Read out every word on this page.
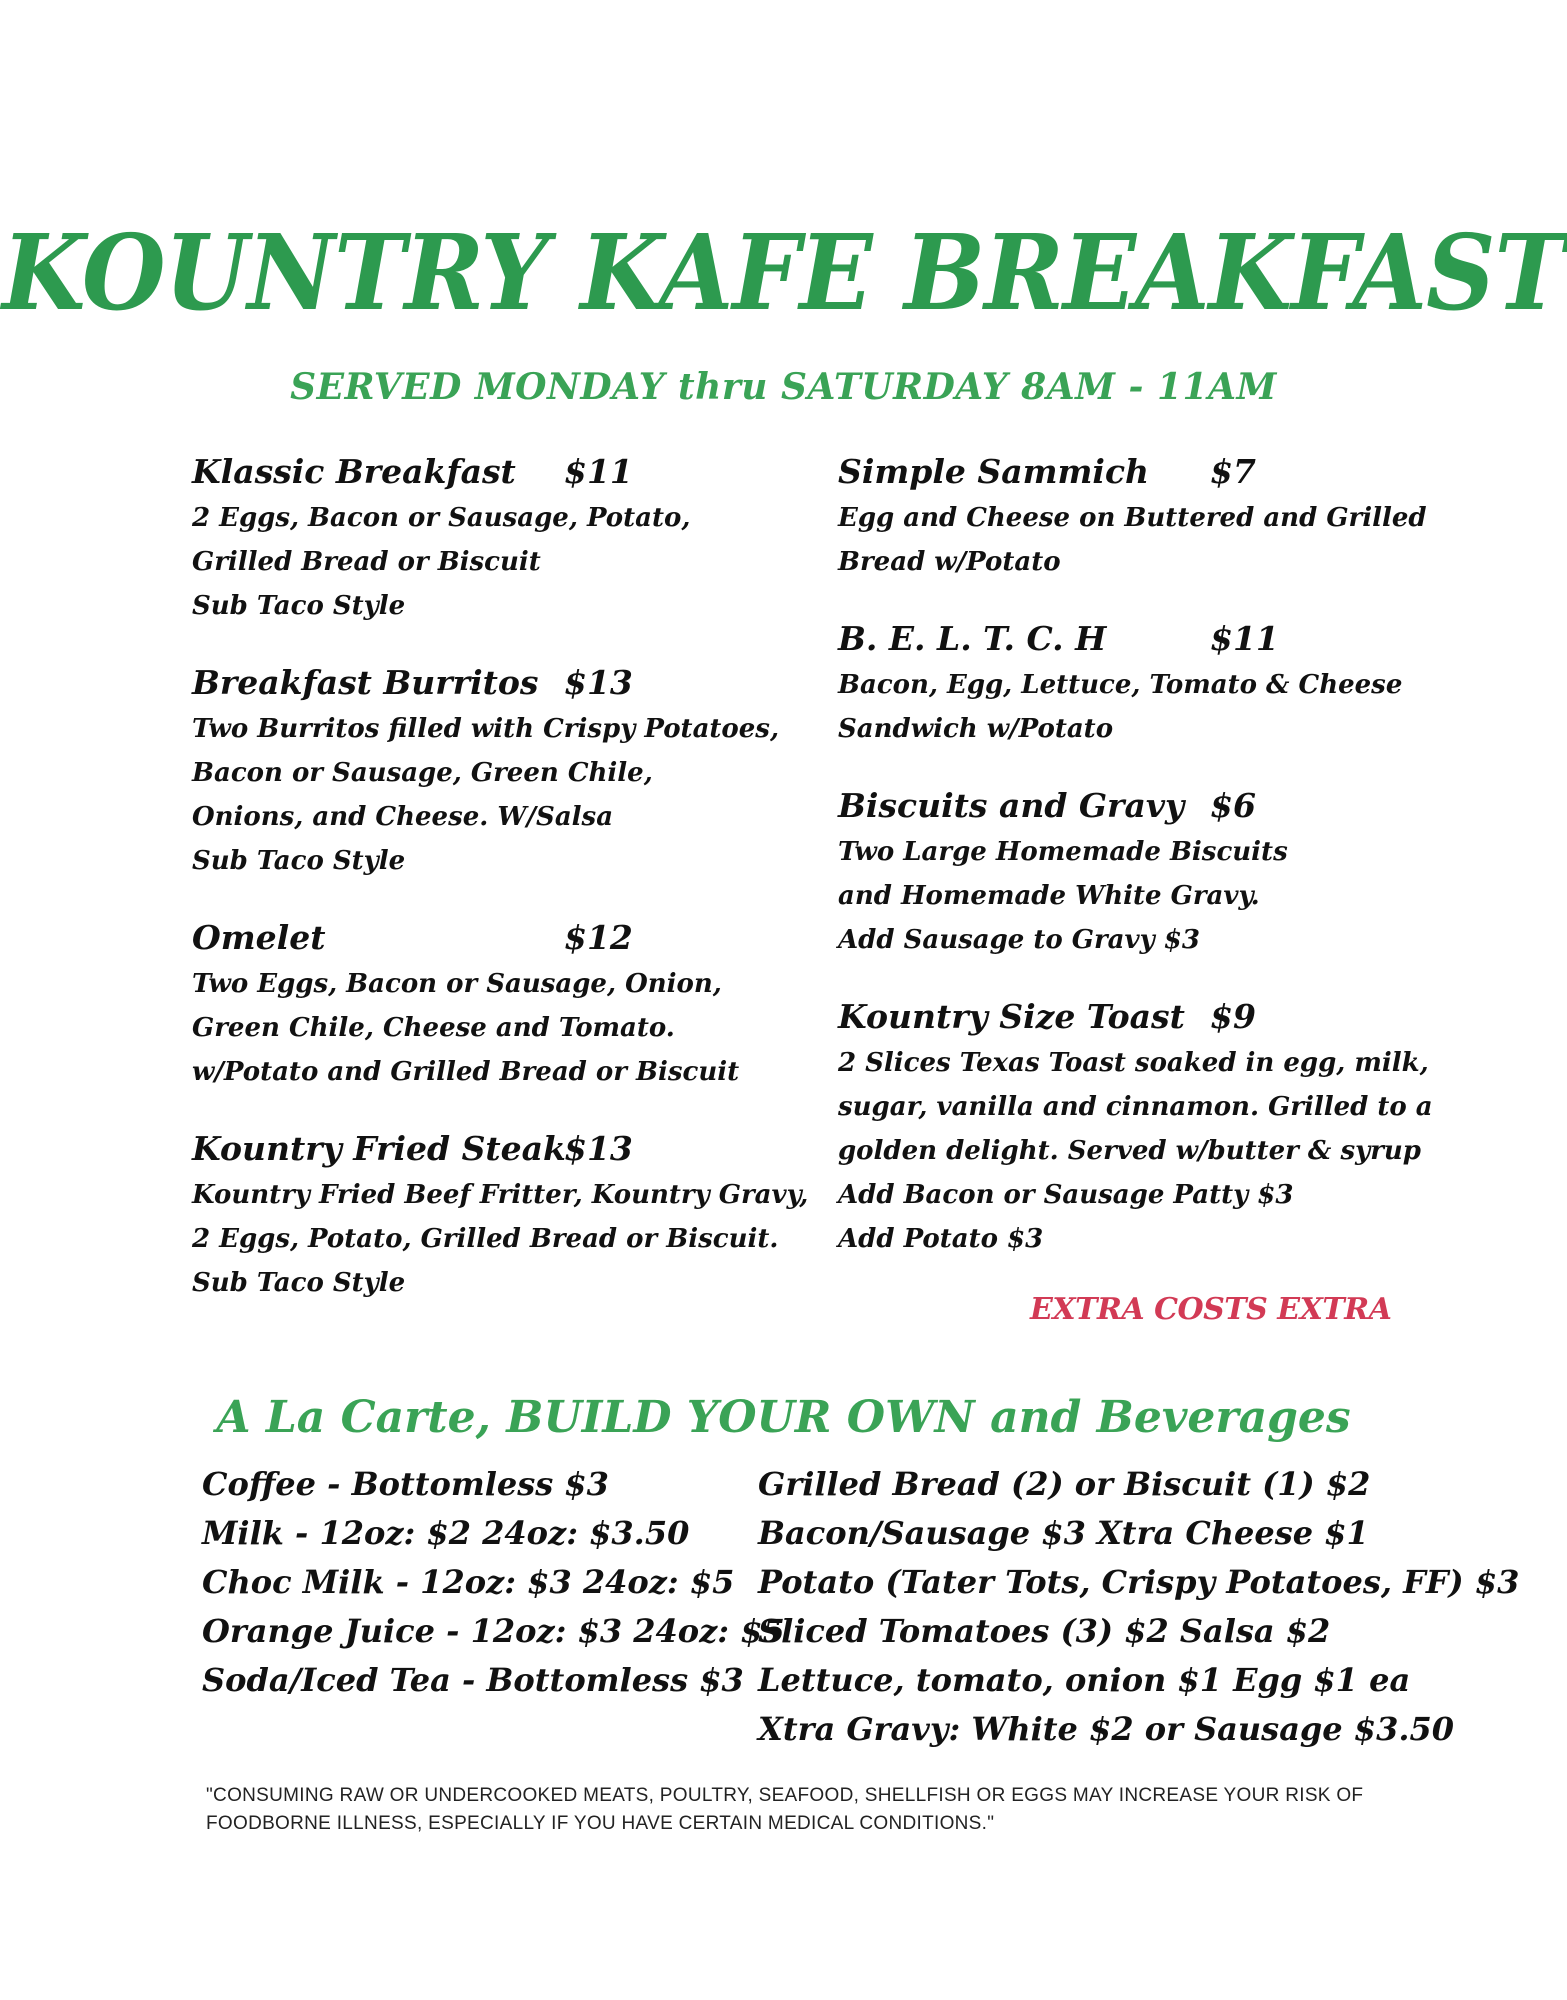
KOUNTRY KAFE BREAKFAST
SERVED MONDAY thru SATURDAY 8AM - 11AM
Klassic Breakfast $11
2 Eggs, Bacon or Sausage, Potato,
Grilled Bread or Biscuit
Sub Taco Style
Breakfast Burritos $13
Two Burritos filled with Crispy Potatoes,
Bacon or Sausage, Green Chile,
Onions, and Cheese. W/Salsa
Sub Taco Style
Omelet	$12
Two Eggs, Bacon or Sausage, Onion,
Green Chile, Cheese and Tomato.
w/Potato and Grilled Bread or Biscuit
Kountry Fried Steak
$13
Kountry Fried Beef Fritter, Kountry Gravy,
2 Eggs, Potato, Grilled Bread or Biscuit.
Sub Taco Style
Simple Sammich $7
Egg and Cheese on Buttered and Grilled
Bread w/Potato
B. E. L. T. C. H	$11
Bacon, Egg, Lettuce, Tomato & Cheese
Sandwich w/Potato
Biscuits and Gravy $6
Two Large Homemade Biscuits
and Homemade White Gravy.
Add Sausage to Gravy $3
Kountry Size Toast $9
2 Slices Texas Toast soaked in egg, milk,
sugar, vanilla and cinnamon. Grilled to a
golden delight. Served w/butter & syrup
Add Bacon or Sausage Patty $3
Add Potato $3
EXTRA COSTS EXTRA
A La Carte, BUILD YOUR OWN and Beverages
Coffee - Bottomless $3
Milk - 12oz: $2 24oz: $3.50
Choc Milk - 12oz: $3 24oz: $5
Orange Juice - 12oz: $3 24oz: $5
Soda/Iced Tea - Bottomless $3
Grilled Bread (2) or Biscuit (1) $2
Bacon/Sausage $3 Xtra Cheese $1
Potato (Tater Tots, Crispy Potatoes, FF) $3
Sliced Tomatoes (3) $2 Salsa $2
Lettuce, tomato, onion $1 Egg $1 ea
Xtra Gravy: White $2 or Sausage $3.50
"CONSUMING RAW OR UNDERCOOKED MEATS, POULTRY, SEAFOOD, SHELLFISH OR EGGS MAY INCREASE YOUR RISK OF FOODBORNE ILLNESS, ESPECIALLY IF YOU HAVE CERTAIN MEDICAL CONDITIONS."
